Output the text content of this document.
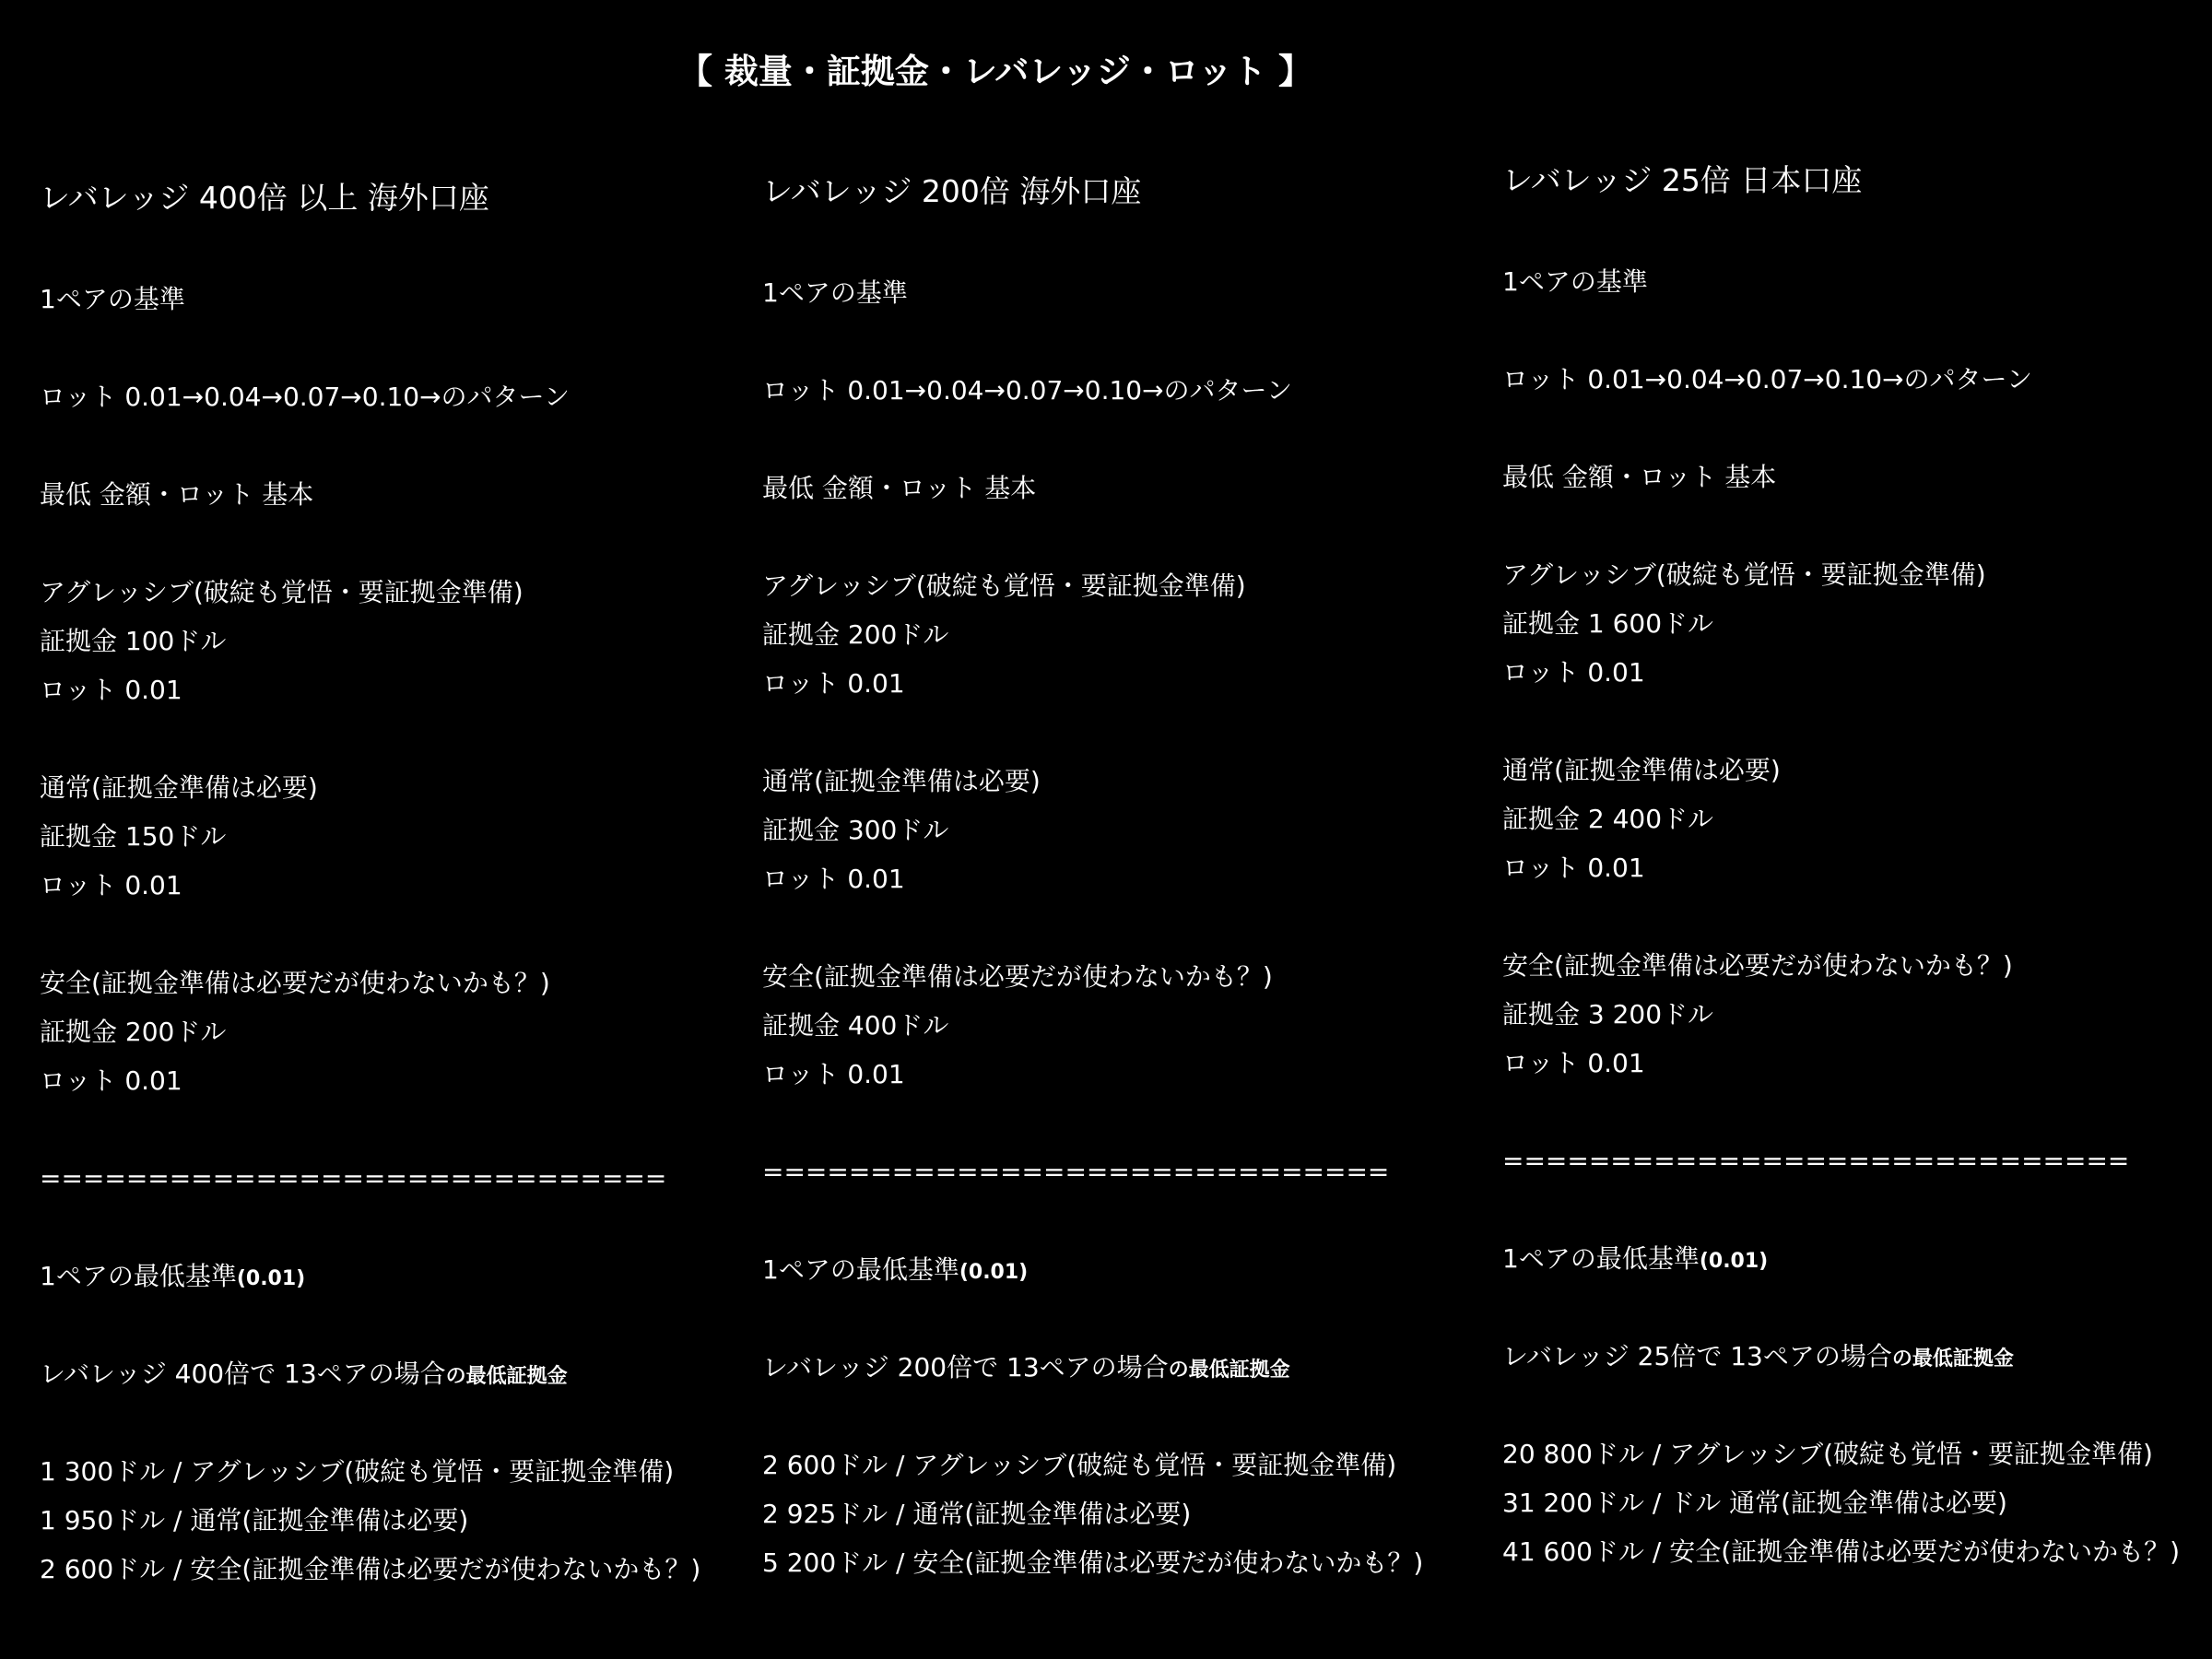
【 裁量・証拠金・レバレッジ・ロット 】
レバレッジ 400倍 以上 海外口座
1ペアの基準
ロット 0.01→0.04→0.07→0.10→のパターン
最低 金額・ロット 基本
アグレッシブ(破綻も覚悟・要証拠金準備)
証拠金 100ドル
ロット 0.01
通常(証拠金準備は必要)
証拠金 150ドル
ロット 0.01
安全(証拠金準備は必要だが使わないかも？)
証拠金 200ドル
ロット 0.01
=============================
1ペアの最低基準(0.01)
レバレッジ 400倍で 13ペアの場合の最低証拠金
1 300ドル / アグレッシブ(破綻も覚悟・要証拠金準備)
1 950ドル / 通常(証拠金準備は必要)
2 600ドル / 安全(証拠金準備は必要だが使わないかも？)
レバレッジ 200倍 海外口座
1ペアの基準
ロット 0.01→0.04→0.07→0.10→のパターン
最低 金額・ロット 基本
アグレッシブ(破綻も覚悟・要証拠金準備)
証拠金 200ドル
ロット 0.01
通常(証拠金準備は必要)
証拠金 300ドル
ロット 0.01
安全(証拠金準備は必要だが使わないかも？)
証拠金 400ドル
ロット 0.01
=============================
1ペアの最低基準(0.01)
レバレッジ 200倍で 13ペアの場合の最低証拠金
2 600ドル / アグレッシブ(破綻も覚悟・要証拠金準備)
2 925ドル / 通常(証拠金準備は必要)
5 200ドル / 安全(証拠金準備は必要だが使わないかも？)
レバレッジ 25倍 日本口座
1ペアの基準
ロット 0.01→0.04→0.07→0.10→のパターン
最低 金額・ロット 基本
アグレッシブ(破綻も覚悟・要証拠金準備)
証拠金 1 600ドル
ロット 0.01
通常(証拠金準備は必要)
証拠金 2 400ドル
ロット 0.01
安全(証拠金準備は必要だが使わないかも？)
証拠金 3 200ドル
ロット 0.01
=============================
1ペアの最低基準(0.01)
レバレッジ 25倍で 13ペアの場合の最低証拠金
20 800ドル / アグレッシブ(破綻も覚悟・要証拠金準備)
31 200ドル / ドル 通常(証拠金準備は必要)
41 600ドル / 安全(証拠金準備は必要だが使わないかも？)
